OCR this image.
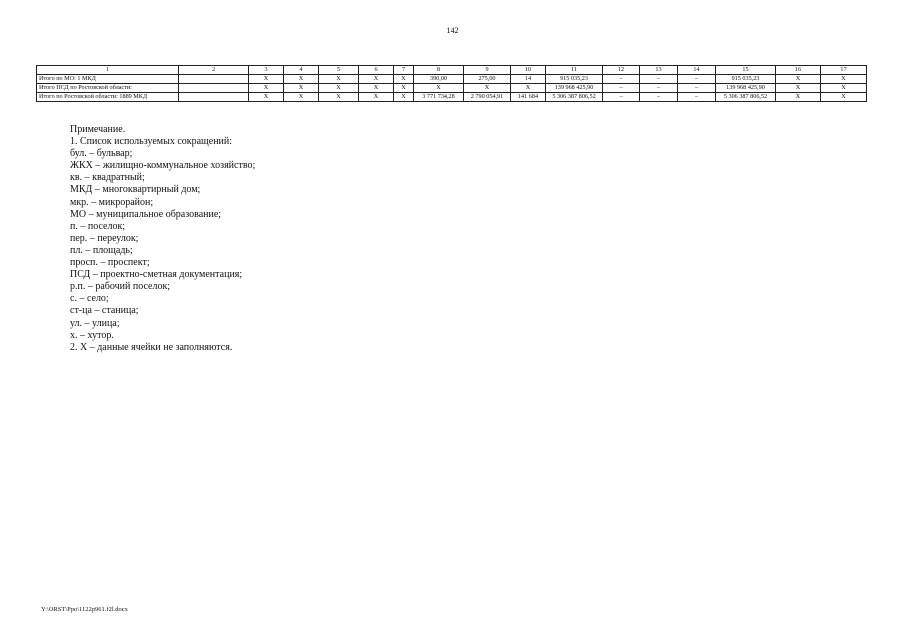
142
1	2	3	4	5	6	7	8	9	10	11	12	13	14	15	16	17
Итого по МО: 1 МКД		X	X	X	X	X	390,00	275,00	14	915 035,23	–	–	–	915 035,23	X	X
Итого ПСД по Ростовской области:		X	X	X	X	X	X	X	X	139 968 425,90	–	–	–	139 968 425,90	X	X
Итого по Ростовской области: 1889 МКД		X	X	X	X	X	3 771 734,28	2 790 054,91	141 684	5 306 387 806,52	–	–	–	5 306 387 806,52	X	X
Примечание.
1. Список используемых сокращений:
бул. – бульвар;
ЖКХ – жилищно-коммунальное хозяйство;
кв. – квадратный;
МКД – многоквартирный дом;
мкр. – микрорайон;
МО – муниципальное образование;
п. – поселок;
пер. – переулок;
пл. – площадь;
просп. – проспект;
ПСД – проектно-сметная документация;
р.п. – рабочий поселок;
с. – село;
ст-ца – станица;
ул. – улица;
х. – хутор.
2. X – данные ячейки не заполняются.
Y:\ORST\Ppo\1122p961.f2l.docx
